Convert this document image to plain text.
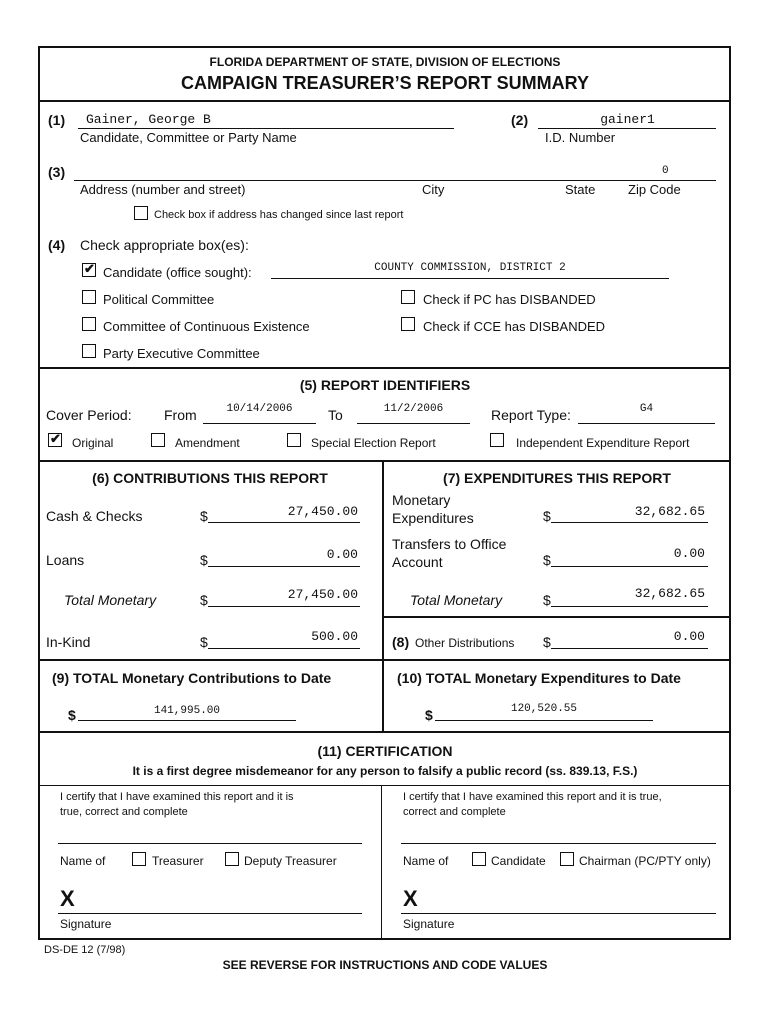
FLORIDA DEPARTMENT OF STATE, DIVISION OF ELECTIONS
CAMPAIGN TREASURER’S REPORT SUMMARY
(1) Gainer, George B
Candidate, Committee or Party Name
(2)	gainer1
I.D. Number
(3)	0
Address (number and street)	City	State	Zip Code
Check box if address has changed since last report
(4) Check appropriate box(es):
✔ Candidate (office sought):	COUNTY COMMISSION, DISTRICT 2
Political Committee	Check if PC has DISBANDED
Committee of Continuous Existence	Check if CCE has DISBANDED
Party Executive Committee
(5) REPORT IDENTIFIERS
Cover Period: From	10/14/2006	To	11/2/2006	Report Type:	G4
✔ Original	Amendment	Special Election Report	Independent Expenditure Report
(6) CONTRIBUTIONS THIS REPORT
Cash & Checks	$	27,450.00
Loans	$	0.00
Total Monetary	$	27,450.00
In-Kind	$	500.00
(7) EXPENDITURES THIS REPORT
Monetary
Expenditures	$	32,682.65
Transfers to Office
Account	$	0.00
Total Monetary	$	32,682.65
(8) Other Distributions $	0.00
(9) TOTAL Monetary Contributions to Date
$	141,995.00
(10) TOTAL Monetary Expenditures to Date
$	120,520.55
(11) CERTIFICATION
It is a first degree misdemeanor for any person to falsify a public record (ss. 839.13, F.S.)
I certify that I have examined this report and it is
true, correct and complete
Name of	Treasurer	Deputy Treasurer
X
Signature
I certify that I have examined this report and it is true,
correct and complete
Name of	Candidate	Chairman (PC/PTY only)
X
Signature
DS-DE 12 (7/98)
SEE REVERSE FOR INSTRUCTIONS AND CODE VALUES
